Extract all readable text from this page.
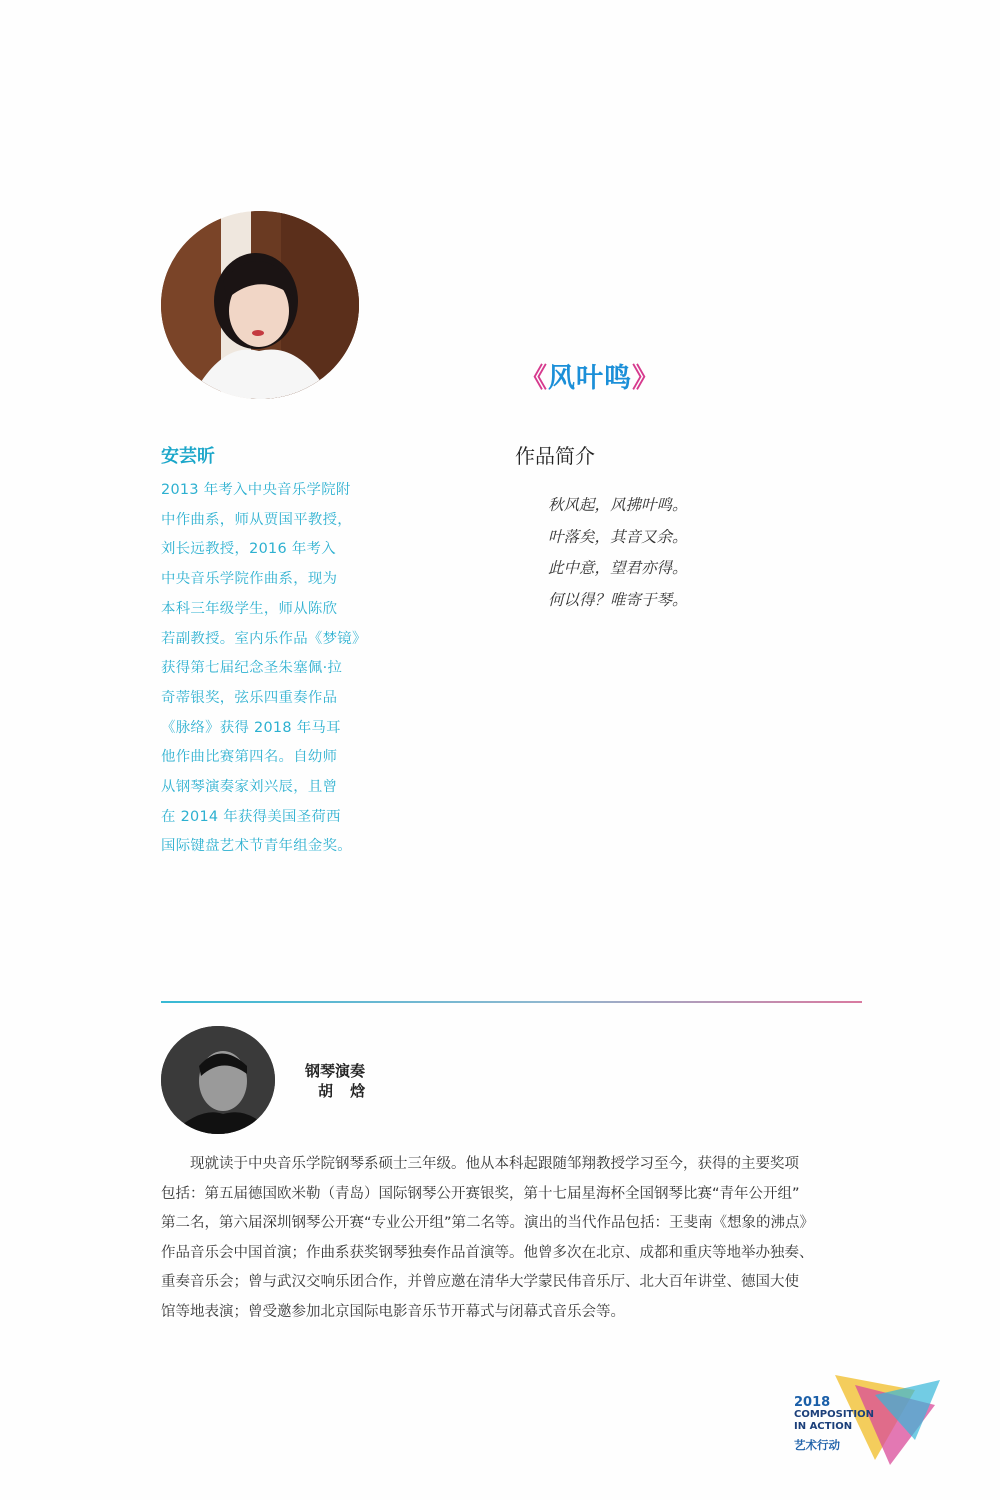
安芸昕
2013 年考入中央音乐学院附
中作曲系，师从贾国平教授，
刘长远教授，2016 年考入
中央音乐学院作曲系，现为
本科三年级学生，师从陈欣
若副教授。室内乐作品《梦镜》
获得第七届纪念圣朱塞佩·拉
奇蒂银奖，弦乐四重奏作品
《脉络》获得 2018 年马耳
他作曲比赛第四名。自幼师
从钢琴演奏家刘兴辰，且曾
在 2014 年获得美国圣荷西
国际键盘艺术节青年组金奖。
《风叶鸣》
作品简介
秋风起，风拂叶鸣。
叶落矣，其音又余。
此中意，望君亦得。
何以得？唯寄于琴。
钢琴演奏
胡 焓
　　现就读于中央音乐学院钢琴系硕士三年级。他从本科起跟随邹翔教授学习至今，获得的主要奖项
包括：第五届德国欧米勒（青岛）国际钢琴公开赛银奖，第十七届星海杯全国钢琴比赛“青年公开组”
第二名，第六届深圳钢琴公开赛“专业公开组”第二名等。演出的当代作品包括：王斐南《想象的沸点》
作品音乐会中国首演；作曲系获奖钢琴独奏作品首演等。他曾多次在北京、成都和重庆等地举办独奏、
重奏音乐会；曾与武汉交响乐团合作，并曾应邀在清华大学蒙民伟音乐厅、北大百年讲堂、德国大使
馆等地表演；曾受邀参加北京国际电影音乐节开幕式与闭幕式音乐会等。
2018
COMPOSITION
IN ACTION
艺术行动
